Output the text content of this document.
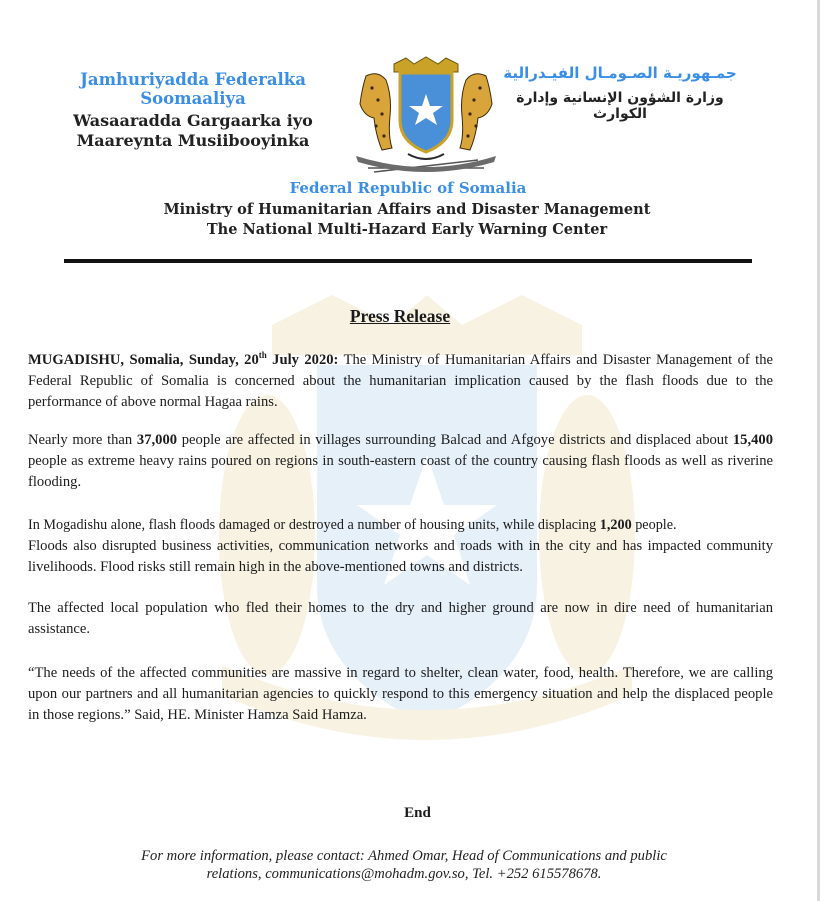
Jamhuriyadda Federalka Soomaaliya
Wasaaradda Gargaarka iyo
Maareynta Musiibooyinka
جمـهوريـة الصـومـال الفيـدرالية
وزارة الشؤون الإنسانية وإدارة الكوارث
Federal Republic of Somalia
Ministry of Humanitarian Affairs and Disaster Management
The National Multi-Hazard Early Warning Center
Press Release
MUGADISHU, Somalia, Sunday, 20th July 2020: The Ministry of Humanitarian Affairs and Disaster Management of the Federal Republic of Somalia is concerned about the humanitarian implication caused by the flash floods due to the performance of above normal Hagaa rains.
Nearly more than 37,000 people are affected in villages surrounding Balcad and Afgoye districts and displaced about 15,400 people as extreme heavy rains poured on regions in south-eastern coast of the country causing flash floods as well as riverine flooding.
In Mogadishu alone, flash floods damaged or destroyed a number of housing units, while displacing 1,200 people.
Floods also disrupted business activities, communication networks and roads with in the city and has impacted community livelihoods. Flood risks still remain high in the above-mentioned towns and districts.
The affected local population who fled their homes to the dry and higher ground are now in dire need of humanitarian assistance.
“The needs of the affected communities are massive in regard to shelter, clean water, food, health. Therefore, we are calling upon our partners and all humanitarian agencies to quickly respond to this emergency situation and help the displaced people in those regions.” Said, HE. Minister Hamza Said Hamza.
End
For more information, please contact: Ahmed Omar, Head of Communications and public
relations, communications@mohadm.gov.so, Tel. +252 615578678.
